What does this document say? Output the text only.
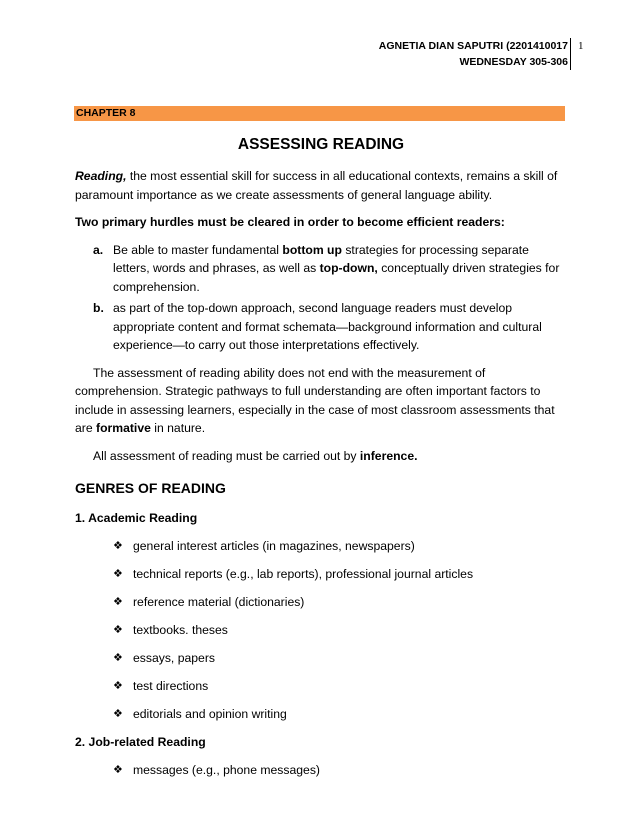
AGNETIA DIAN SAPUTRI (2201410017
WEDNESDAY 305-306
1
CHAPTER 8
ASSESSING READING

Reading, the most essential skill for success in all educational contexts, remains a skill of paramount importance as we create assessments of general language ability.

Two primary hurdles must be cleared in order to become efficient readers:

a. Be able to master fundamental bottom up strategies for processing separate letters, words and phrases, as well as top-down, conceptually driven strategies for comprehension.
b. as part of the top-down approach, second language readers must develop appropriate content and format schemata—background information and cultural experience—to carry out those interpretations effectively.

The assessment of reading ability does not end with the measurement of comprehension. Strategic pathways to full understanding are often important factors to include in assessing learners, especially in the case of most classroom assessments that are formative in nature.

All assessment of reading must be carried out by inference.

GENRES OF READING
1. Academic Reading
❖ general interest articles (in magazines, newspapers)
❖ technical reports (e.g., lab reports), professional journal articles
❖ reference material (dictionaries)
❖ textbooks. theses
❖ essays, papers
❖ test directions
❖ editorials and opinion writing
2. Job-related Reading
❖ messages (e.g., phone messages)
